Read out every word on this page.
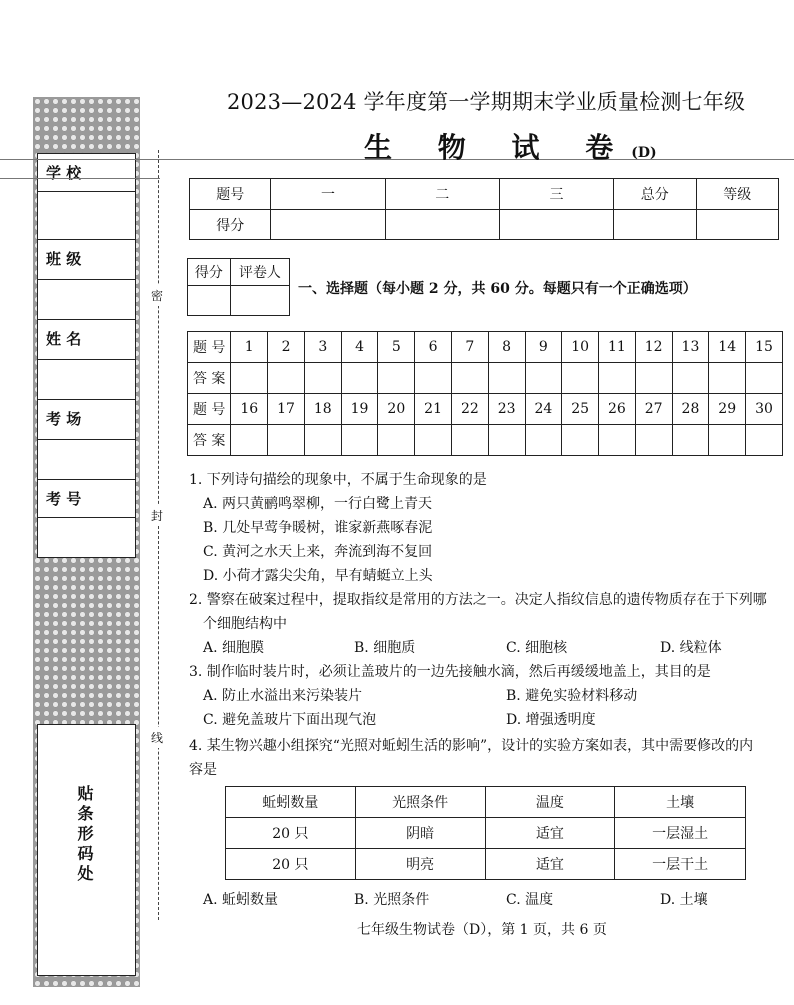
学 校
班 级
姓 名
考 场
考 号
贴条形码处
密
封
线
2023—2024 学年度第一学期期末学业质量检测七年级
生 物 试 卷(D)
题号	一	二	三	总分	等级
得分					
得分	评卷人

一、选择题（每小题 2 分，共 60 分。每题只有一个正确选项）
题 号	1	2	3	4	5	6	7	8	9	10	11	12	13	14	15
答 案															
题 号	16	17	18	19	20	21	22	23	24	25	26	27	28	29	30
答 案															
1. 下列诗句描绘的现象中，不属于生命现象的是
A. 两只黄鹂鸣翠柳，一行白鹭上青天
B. 几处早莺争暖树，谁家新燕啄春泥
C. 黄河之水天上来，奔流到海不复回
D. 小荷才露尖尖角，早有蜻蜓立上头
2. 警察在破案过程中，提取指纹是常用的方法之一。决定人指纹信息的遗传物质存在于下列哪
个细胞结构中
A. 细胞膜	B. 细胞质	C. 细胞核	D. 线粒体
3. 制作临时装片时，必须让盖玻片的一边先接触水滴，然后再缓缓地盖上，其目的是
A. 防止水溢出来污染装片	B. 避免实验材料移动
C. 避免盖玻片下面出现气泡	D. 增强透明度
4. 某生物兴趣小组探究“光照对蚯蚓生活的影响”，设计的实验方案如表，其中需要修改的内
容是
蚯蚓数量	光照条件	温度	土壤
20 只	阴暗	适宜	一层湿土
20 只	明亮	适宜	一层干土
A. 蚯蚓数量	B. 光照条件	C. 温度	D. 土壤
七年级生物试卷（D），第 1 页，共 6 页
